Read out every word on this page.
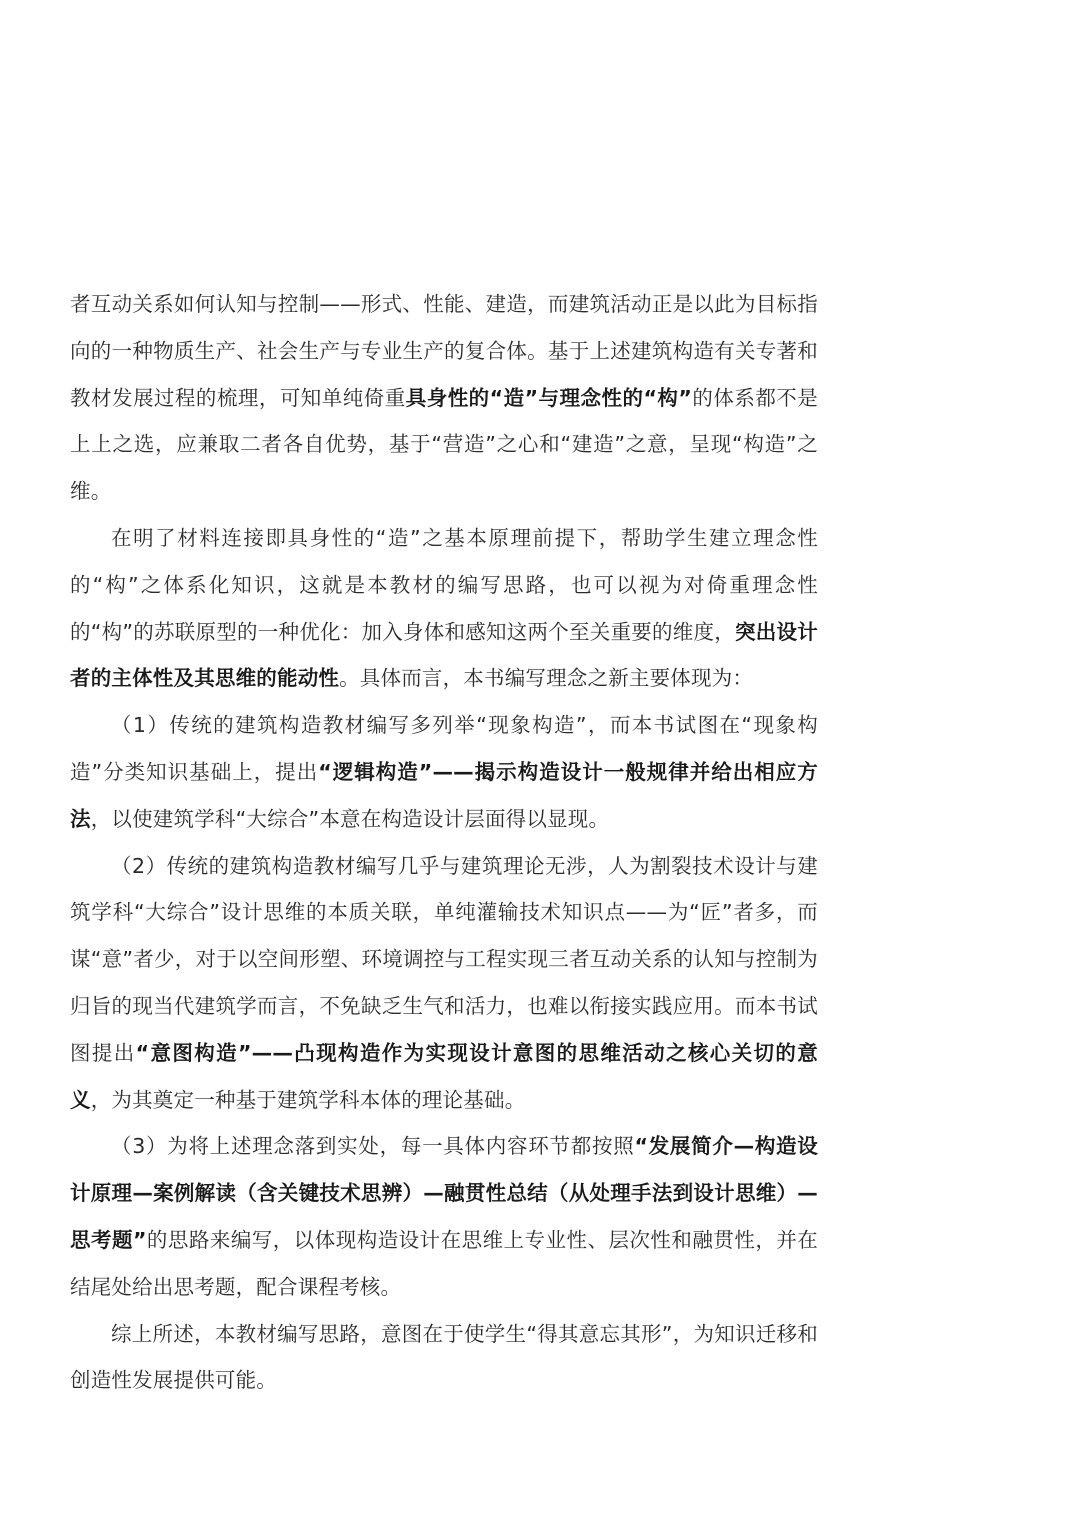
者互动关系如何认知与控制——形式、性能、建造，而建筑活动正是以此为目标指向的一种物质生产、社会生产与专业生产的复合体。基于上述建筑构造有关专著和教材发展过程的梳理，可知单纯倚重具身性的“造”与理念性的“构”的体系都不是上上之选，应兼取二者各自优势，基于“营造”之心和“建造”之意，呈现“构造”之维。

在明了材料连接即具身性的“造”之基本原理前提下，帮助学生建立理念性的“构”之体系化知识，这就是本教材的编写思路，也可以视为对倚重理念性的“构”的苏联原型的一种优化：加入身体和感知这两个至关重要的维度，突出设计者的主体性及其思维的能动性。具体而言，本书编写理念之新主要体现为：

（1）传统的建筑构造教材编写多列举“现象构造”，而本书试图在“现象构造”分类知识基础上，提出“逻辑构造”——揭示构造设计一般规律并给出相应方法，以使建筑学科“大综合”本意在构造设计层面得以显现。

（2）传统的建筑构造教材编写几乎与建筑理论无涉，人为割裂技术设计与建筑学科“大综合”设计思维的本质关联，单纯灌输技术知识点——为“匠”者多，而谋“意”者少，对于以空间形塑、环境调控与工程实现三者互动关系的认知与控制为归旨的现当代建筑学而言，不免缺乏生气和活力，也难以衔接实践应用。而本书试图提出“意图构造”——凸现构造作为实现设计意图的思维活动之核心关切的意义，为其奠定一种基于建筑学科本体的理论基础。

（3）为将上述理念落到实处，每一具体内容环节都按照“发展简介—构造设计原理—案例解读（含关键技术思辨）—融贯性总结（从处理手法到设计思维）—思考题”的思路来编写，以体现构造设计在思维上专业性、层次性和融贯性，并在结尾处给出思考题，配合课程考核。

综上所述，本教材编写思路，意图在于使学生“得其意忘其形”，为知识迁移和创造性发展提供可能。
